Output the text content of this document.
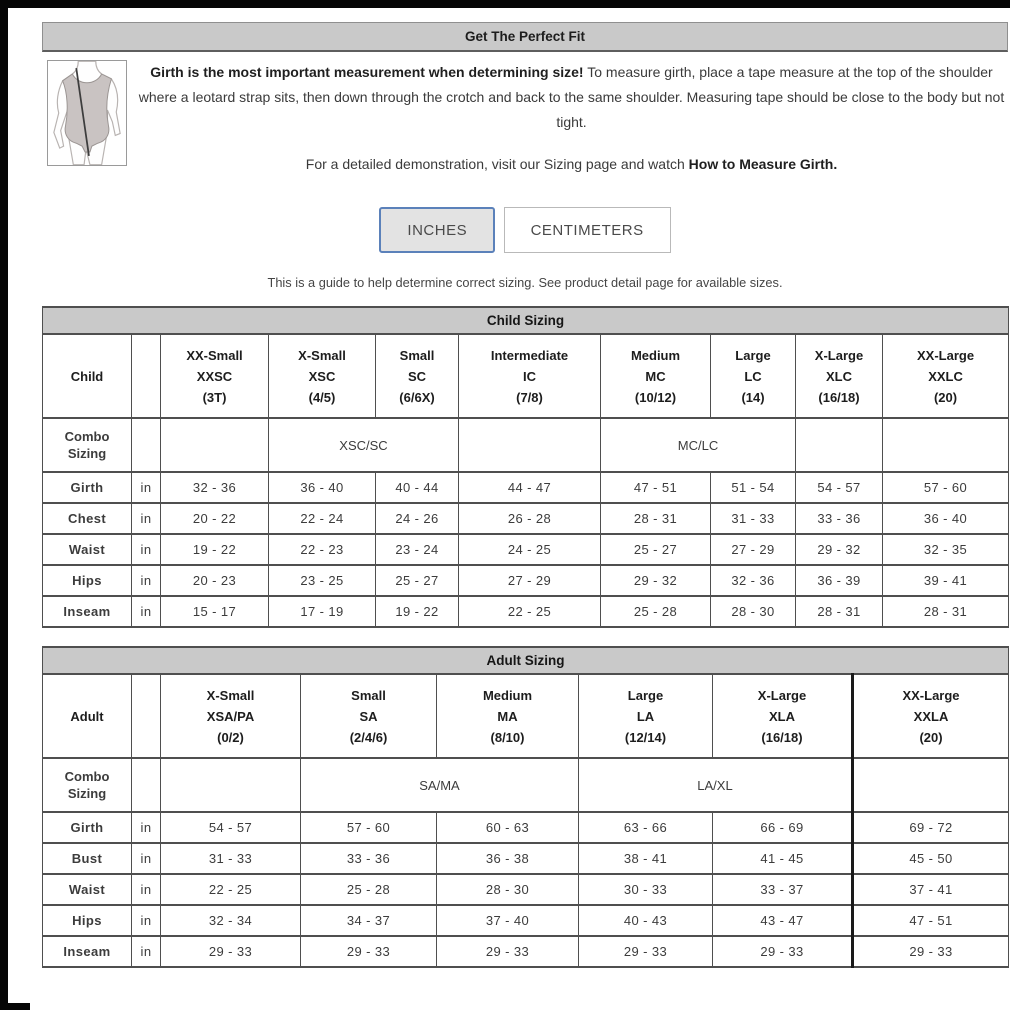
Get The Perfect Fit

Girth is the most important measurement when determining size! To measure girth, place a tape measure at the top of the shoulder where a leotard strap sits, then down through the crotch and back to the same shoulder. Measuring tape should be close to the body but not tight.

For a detailed demonstration, visit our Sizing page and watch How to Measure Girth.

INCHES	CENTIMETERS

This is a guide to help determine correct sizing. See product detail page for available sizes.

Child Sizing									
Child		XX-Small
XXSC
(3T)	X-Small
XSC
(4/5)	Small
SC
(6/6X)	Intermediate
IC
(7/8)	Medium
MC
(10/12)	Large
LC
(14)	X-Large
XLC
(16/18)	XX-Large
XXLC
(20)

Combo Sizing			XSC/SC			MC/LC			
Girth	in	32 - 36	36 - 40	40 - 44	44 - 47	47 - 51	51 - 54	54 - 57	57 - 60
Chest	in	20 - 22	22 - 24	24 - 26	26 - 28	28 - 31	31 - 33	33 - 36	36 - 40
Waist	in	19 - 22	22 - 23	23 - 24	24 - 25	25 - 27	27 - 29	29 - 32	32 - 35
Hips	in	20 - 23	23 - 25	25 - 27	27 - 29	29 - 32	32 - 36	36 - 39	39 - 41
Inseam	in	15 - 17	17 - 19	19 - 22	22 - 25	25 - 28	28 - 30	28 - 31	28 - 31
Adult Sizing							
Adult		X-Small
XSA/PA
(0/2)	Small
SA
(2/4/6)	Medium
MA
(8/10)	Large
LA
(12/14)	X-Large
XLA
(16/18)	XX-Large
XXLA
(20)

Combo Sizing			SA/MA		LA/XL		
Girth	in	54 - 57	57 - 60	60 - 63	63 - 66	66 - 69	69 - 72
Bust	in	31 - 33	33 - 36	36 - 38	38 - 41	41 - 45	45 - 50
Waist	in	22 - 25	25 - 28	28 - 30	30 - 33	33 - 37	37 - 41
Hips	in	32 - 34	34 - 37	37 - 40	40 - 43	43 - 47	47 - 51
Inseam	in	29 - 33	29 - 33	29 - 33	29 - 33	29 - 33	29 - 33
